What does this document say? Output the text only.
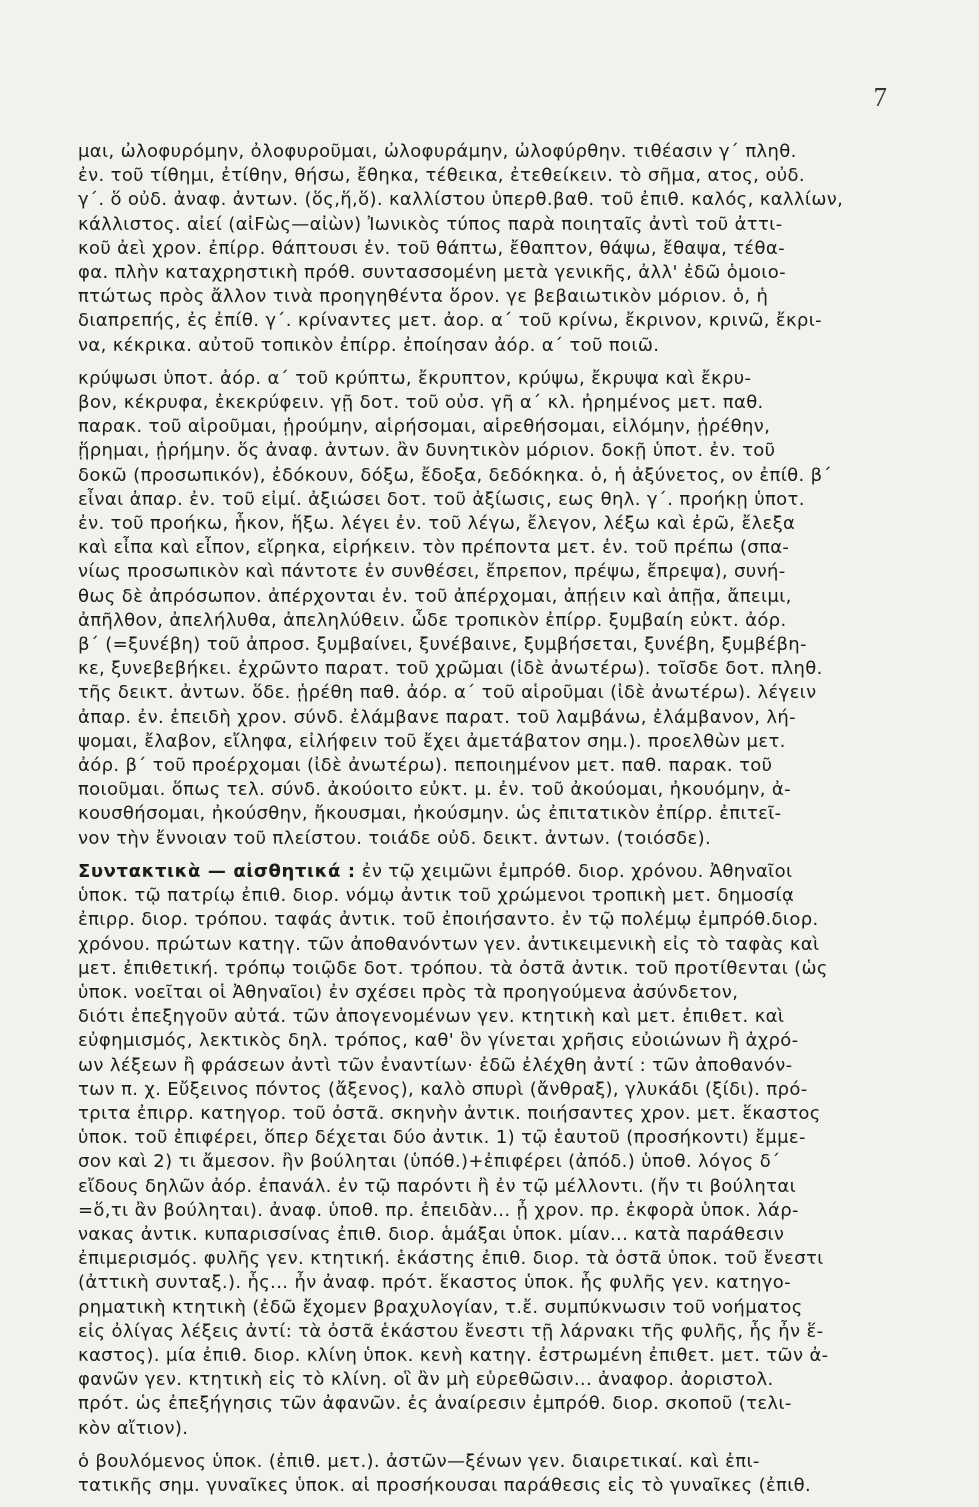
7
μαι, ὠλοφυρόμην, ὀλοφυροῦμαι, ὠλοφυράμην, ὠλοφύρθην. τιθέασιν γ΄ πληθ.
ἐν. τοῦ τίθημι, ἐτίθην, θήσω, ἔθηκα, τέθεικα, ἐτεθείκειν. τὸ σῆμα, ατος, οὐδ.
γ΄. ὅ οὐδ. ἀναφ. ἀντων. (ὅς,ἥ,ὅ). καλλίστου ὑπερθ.βαθ. τοῦ ἐπιθ. καλός, καλλίων,
κάλλιστος. αἰεί (αἰFὼς—αἰὼν) Ἰωνικὸς τύπος παρὰ ποιηταῖς ἀντὶ τοῦ ἀττι-
κοῦ ἀεὶ χρον. ἐπίρρ. θάπτουσι ἐν. τοῦ θάπτω, ἔθαπτον, θάψω, ἔθαψα, τέθα-
φα. πλὴν καταχρηστικὴ πρόθ. συντασσομένη μετὰ γενικῆς, ἀλλ' ἐδῶ ὁμοιο-
πτώτως πρὸς ἄλλον τινὰ προηγηθέντα ὅρον. γε βεβαιωτικὸν μόριον. ὁ, ἡ
διαπρεπής, ἐς ἐπίθ. γ΄. κρίναντες μετ. ἀορ. α΄ τοῦ κρίνω, ἔκρινον, κρινῶ, ἔκρι-
να, κέκρικα. αὐτοῦ τοπικὸν ἐπίρρ. ἐποίησαν ἀόρ. α΄ τοῦ ποιῶ.
κρύψωσι ὑποτ. ἀόρ. α΄ τοῦ κρύπτω, ἔκρυπτον, κρύψω, ἔκρυψα καὶ ἔκρυ-
βον, κέκρυφα, ἐκεκρύφειν. γῇ δοτ. τοῦ οὐσ. γῆ α΄ κλ. ἠρημένος μετ. παθ.
παρακ. τοῦ αἱροῦμαι, ᾑρούμην, αἱρήσομαι, αἱρεθήσομαι, εἱλόμην, ᾑρέθην,
ᾕρημαι, ᾑρήμην. ὅς ἀναφ. ἀντων. ἂν δυνητικὸν μόριον. δοκῇ ὑποτ. ἐν. τοῦ
δοκῶ (προσωπικόν), ἐδόκουν, δόξω, ἔδοξα, δεδόκηκα. ὁ, ἡ ἀξύνετος, ον ἐπίθ. β΄
εἶναι ἀπαρ. ἐν. τοῦ εἰμί. ἀξιώσει δοτ. τοῦ ἀξίωσις, εως θηλ. γ΄. προήκῃ ὑποτ.
ἐν. τοῦ προήκω, ἧκον, ἥξω. λέγει ἐν. τοῦ λέγω, ἔλεγον, λέξω καὶ ἐρῶ, ἔλεξα
καὶ εἶπα καὶ εἶπον, εἴρηκα, εἰρήκειν. τὸν πρέποντα μετ. ἐν. τοῦ πρέπω (σπα-
νίως προσωπικὸν καὶ πάντοτε ἐν συνθέσει, ἔπρεπον, πρέψω, ἔπρεψα), συνή-
θως δὲ ἀπρόσωπον. ἀπέρχονται ἐν. τοῦ ἀπέρχομαι, ἀπῄειν καὶ ἀπῇα, ἄπειμι,
ἀπῆλθον, ἀπελήλυθα, ἀπεληλύθειν. ὧδε τροπικὸν ἐπίρρ. ξυμβαίη εὐκτ. ἀόρ.
β΄ (=ξυνέβη) τοῦ ἀπροσ. ξυμβαίνει, ξυνέβαινε, ξυμβήσεται, ξυνέβη, ξυμβέβη-
κε, ξυνεβεβήκει. ἐχρῶντο παρατ. τοῦ χρῶμαι (ἰδὲ ἀνωτέρω). τοῖσδε δοτ. πληθ.
τῆς δεικτ. ἀντων. ὅδε. ᾑρέθη παθ. ἀόρ. α΄ τοῦ αἱροῦμαι (ἰδὲ ἀνωτέρω). λέγειν
ἀπαρ. ἐν. ἐπειδὴ χρον. σύνδ. ἐλάμβανε παρατ. τοῦ λαμβάνω, ἐλάμβανον, λή-
ψομαι, ἔλαβον, εἴληφα, εἰλήφειν τοῦ ἔχει ἀμετάβατον σημ.). προελθὼν μετ.
ἀόρ. β΄ τοῦ προέρχομαι (ἰδὲ ἀνωτέρω). πεποιημένον μετ. παθ. παρακ. τοῦ
ποιοῦμαι. ὅπως τελ. σύνδ. ἀκούοιτο εὐκτ. μ. ἐν. τοῦ ἀκούομαι, ἠκουόμην, ἀ-
κουσθήσομαι, ἠκούσθην, ἤκουσμαι, ἠκούσμην. ὡς ἐπιτατικὸν ἐπίρρ. ἐπιτεῖ-
νον τὴν ἔννοιαν τοῦ πλείστου. τοιάδε οὐδ. δεικτ. ἀντων. (τοιόσδε).
Συντακτικὰ — αἰσθητικά : ἐν τῷ χειμῶνι ἐμπρόθ. διορ. χρόνου. Ἀθηναῖοι
ὑποκ. τῷ πατρίῳ ἐπιθ. διορ. νόμῳ ἀντικ τοῦ χρώμενοι τροπικὴ μετ. δημοσίᾳ
ἐπιρρ. διορ. τρόπου. ταφάς ἀντικ. τοῦ ἐποιήσαντο. ἐν τῷ πολέμῳ ἐμπρόθ.διορ.
χρόνου. πρώτων κατηγ. τῶν ἀποθανόντων γεν. ἀντικειμενικὴ εἰς τὸ ταφὰς καὶ
μετ. ἐπιθετική. τρόπῳ τοιῷδε δοτ. τρόπου. τὰ ὀστᾶ ἀντικ. τοῦ προτίθενται (ὡς
ὑποκ. νοεῖται οἱ Ἀθηναῖοι) ἐν σχέσει πρὸς τὰ προηγούμενα ἀσύνδετον,
διότι ἐπεξηγοῦν αὐτά. τῶν ἀπογενομένων γεν. κτητικὴ καὶ μετ. ἐπιθετ. καὶ
εὐφημισμός, λεκτικὸς δηλ. τρόπος, καθ' ὃν γίνεται χρῆσις εὐοιώνων ἢ ἀχρό-
ων λέξεων ἢ φράσεων ἀντὶ τῶν ἐναντίων· ἐδῶ ἐλέχθη ἀντί : τῶν ἀποθανόν-
των π. χ. Εὔξεινος πόντος (ἄξενος), καλὸ σπυρὶ (ἄνθραξ), γλυκάδι (ξίδι). πρό-
τριτα ἐπιρρ. κατηγορ. τοῦ ὀστᾶ. σκηνὴν ἀντικ. ποιήσαντες χρον. μετ. ἕκαστος
ὑποκ. τοῦ ἐπιφέρει, ὅπερ δέχεται δύο ἀντικ. 1) τῷ ἑαυτοῦ (προσήκοντι) ἔμμε-
σον καὶ 2) τι ἄμεσον. ἢν βούληται (ὑπόθ.)+ἐπιφέρει (ἀπόδ.) ὑποθ. λόγος δ΄
εἴδους δηλῶν ἀόρ. ἐπανάλ. ἐν τῷ παρόντι ἢ ἐν τῷ μέλλοντι. (ἤν τι βούληται
=ὅ,τι ἂν βούληται). ἀναφ. ὑποθ. πρ. ἐπειδὰν... ᾖ χρον. πρ. ἐκφορὰ ὑποκ. λάρ-
νακας ἀντικ. κυπαρισσίνας ἐπιθ. διορ. ἁμάξαι ὑποκ. μίαν... κατὰ παράθεσιν
ἐπιμερισμός. φυλῆς γεν. κτητική. ἑκάστης ἐπιθ. διορ. τὰ ὀστᾶ ὑποκ. τοῦ ἔνεστι
(ἀττικὴ συνταξ.). ἧς... ἦν ἀναφ. πρότ. ἕκαστος ὑποκ. ἧς φυλῆς γεν. κατηγο-
ρηματικὴ κτητικὴ (ἐδῶ ἔχομεν βραχυλογίαν, τ.ἔ. συμπύκνωσιν τοῦ νοήματος
εἰς ὀλίγας λέξεις ἀντί: τὰ ὀστᾶ ἑκάστου ἔνεστι τῇ λάρνακι τῆς φυλῆς, ἧς ἦν ἕ-
καστος). μία ἐπιθ. διορ. κλίνη ὑποκ. κενὴ κατηγ. ἐστρωμένη ἐπιθετ. μετ. τῶν ἀ-
φανῶν γεν. κτητικὴ εἰς τὸ κλίνη. οἳ ἂν μὴ εὑρεθῶσιν... ἀναφορ. ἀοριστολ.
πρότ. ὡς ἐπεξήγησις τῶν ἀφανῶν. ἐς ἀναίρεσιν ἐμπρόθ. διορ. σκοποῦ (τελι-
κὸν αἴτιον).
ὁ βουλόμενος ὑποκ. (ἐπιθ. μετ.). ἀστῶν—ξένων γεν. διαιρετικαί. καὶ ἐπι-
τατικῆς σημ. γυναῖκες ὑποκ. αἱ προσήκουσαι παράθεσις εἰς τὸ γυναῖκες (ἐπιθ.
